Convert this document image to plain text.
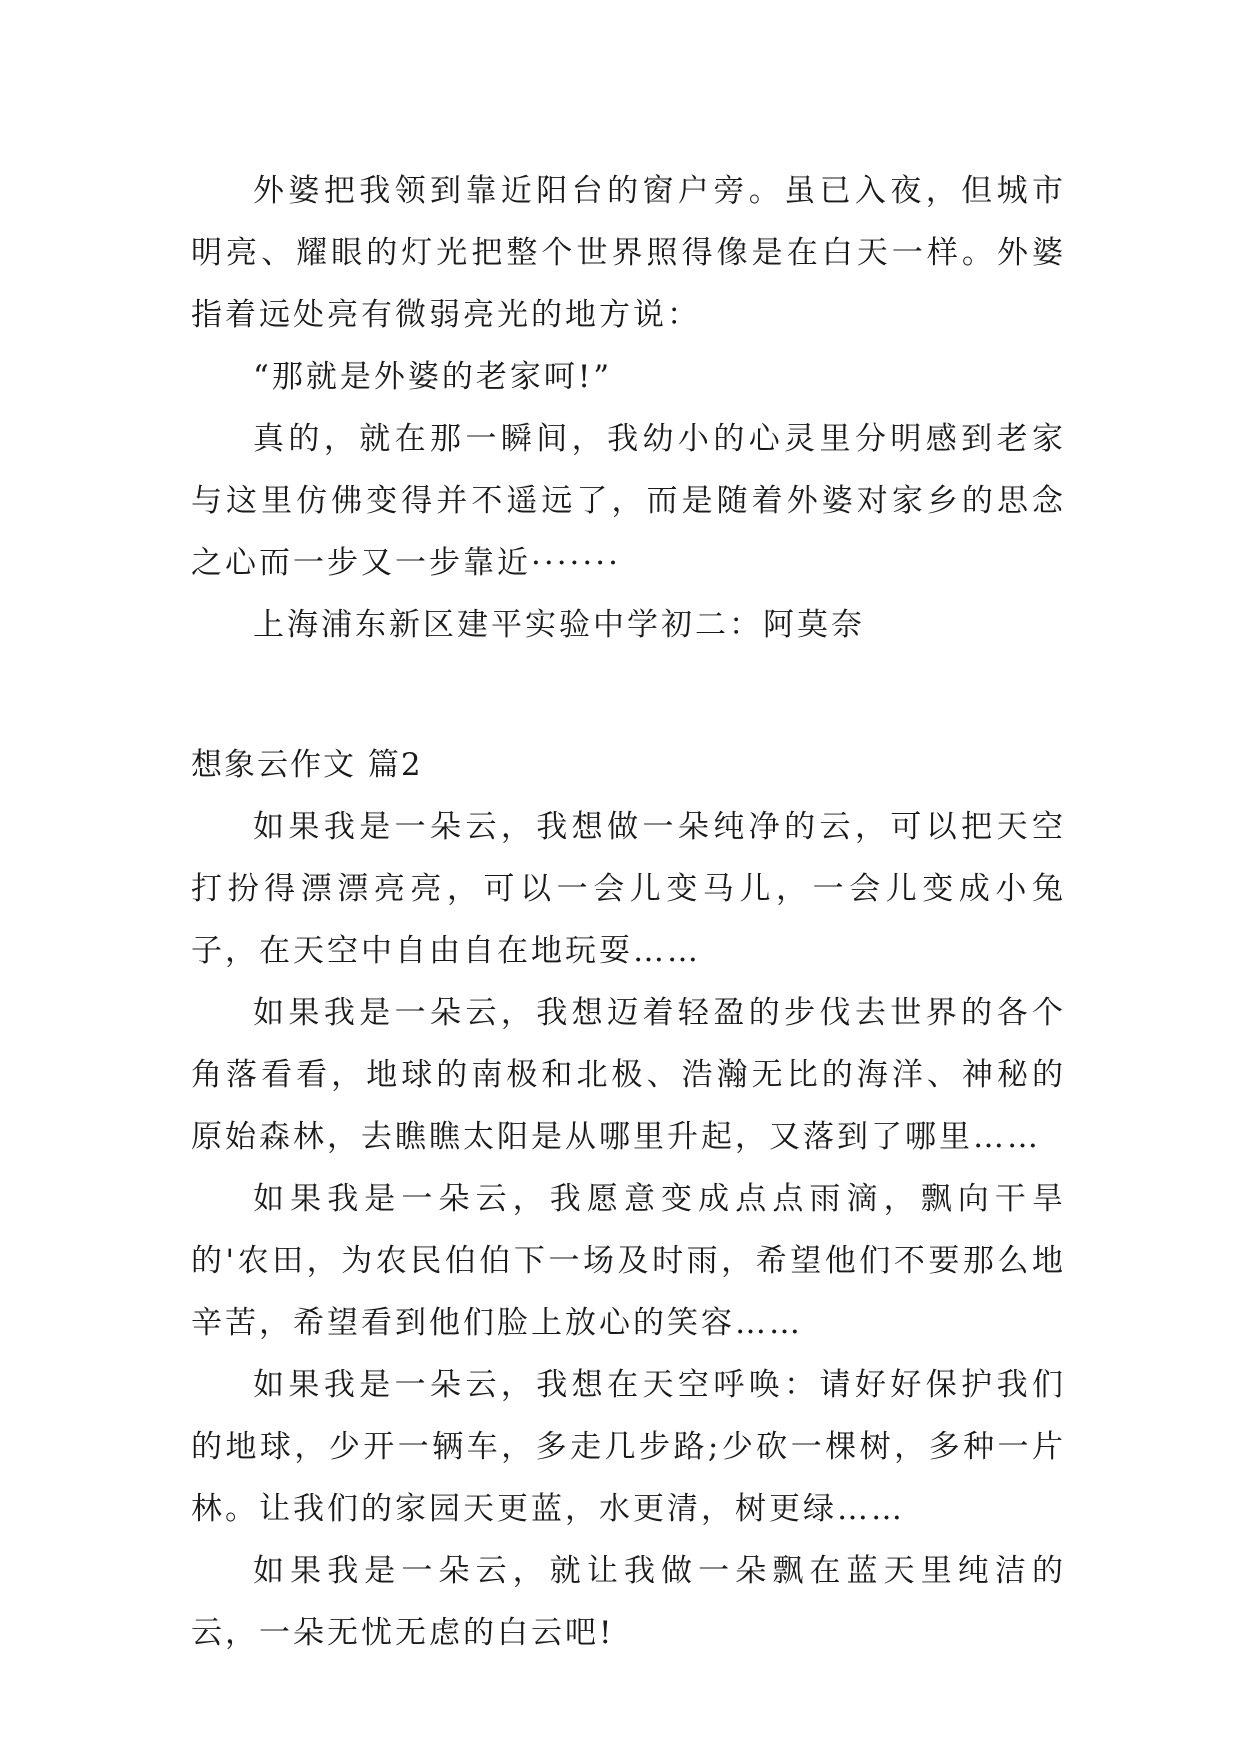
外婆把我领到靠近阳台的窗户旁。虽已入夜，但城市明亮、耀眼的灯光把整个世界照得像是在白天一样。外婆指着远处亮有微弱亮光的地方说：

“那就是外婆的老家呵!”

真的，就在那一瞬间，我幼小的心灵里分明感到老家与这里仿佛变得并不遥远了，而是随着外婆对家乡的思念之心而一步又一步靠近·······

上海浦东新区建平实验中学初二：阿莫奈

想象云作文 篇2

如果我是一朵云，我想做一朵纯净的云，可以把天空打扮得漂漂亮亮，可以一会儿变马儿，一会儿变成小兔子，在天空中自由自在地玩耍……

如果我是一朵云，我想迈着轻盈的步伐去世界的各个角落看看，地球的南极和北极、浩瀚无比的海洋、神秘的原始森林，去瞧瞧太阳是从哪里升起，又落到了哪里……

如果我是一朵云，我愿意变成点点雨滴，飘向干旱的'农田，为农民伯伯下一场及时雨，希望他们不要那么地辛苦，希望看到他们脸上放心的笑容……

如果我是一朵云，我想在天空呼唤：请好好保护我们的地球，少开一辆车，多走几步路;少砍一棵树，多种一片林。让我们的家园天更蓝，水更清，树更绿……

如果我是一朵云，就让我做一朵飘在蓝天里纯洁的云，一朵无忧无虑的白云吧!
